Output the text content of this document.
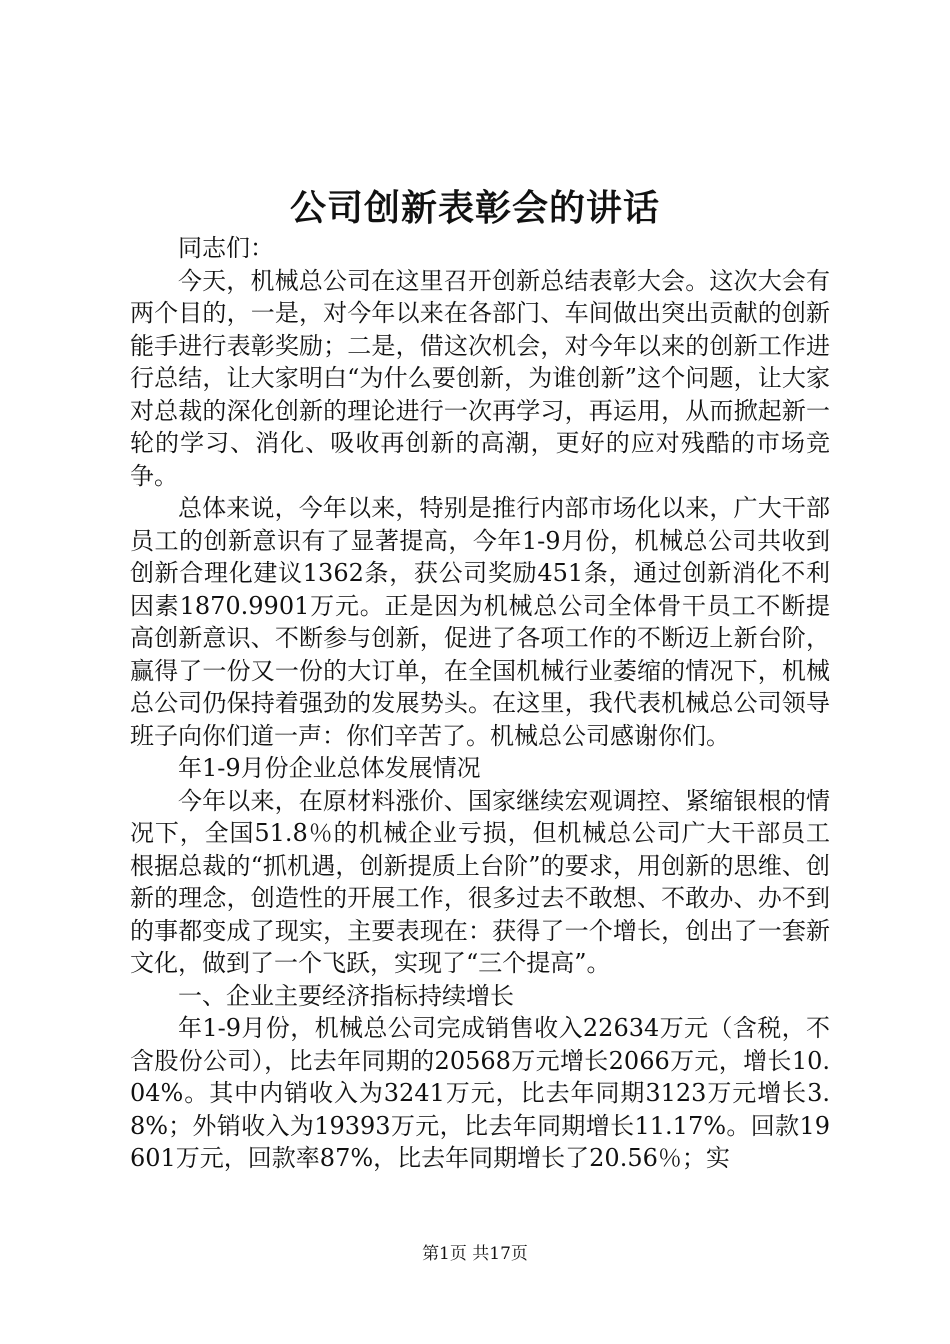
公司创新表彰会的讲话

同志们：

今天，机械总公司在这里召开创新总结表彰大会。这次大会有两个目的，一是，对今年以来在各部门、车间做出突出贡献的创新能手进行表彰奖励；二是，借这次机会，对今年以来的创新工作进行总结，让大家明白“为什么要创新，为谁创新”这个问题，让大家对总裁的深化创新的理论进行一次再学习，再运用，从而掀起新一轮的学习、消化、吸收再创新的高潮，更好的应对残酷的市场竞争。

总体来说，今年以来，特别是推行内部市场化以来，广大干部员工的创新意识有了显著提高，今年1-9月份，机械总公司共收到创新合理化建议1362条，获公司奖励451条，通过创新消化不利因素1870.9901万元。正是因为机械总公司全体骨干员工不断提高创新意识、不断参与创新，促进了各项工作的不断迈上新台阶，赢得了一份又一份的大订单，在全国机械行业萎缩的情况下，机械总公司仍保持着强劲的发展势头。在这里，我代表机械总公司领导班子向你们道一声：你们辛苦了。机械总公司感谢你们。

年1-9月份企业总体发展情况

今年以来，在原材料涨价、国家继续宏观调控、紧缩银根的情况下，全国51.8％的机械企业亏损，但机械总公司广大干部员工根据总裁的“抓机遇，创新提质上台阶”的要求，用创新的思维、创新的理念，创造性的开展工作，很多过去不敢想、不敢办、办不到的事都变成了现实，主要表现在：获得了一个增长，创出了一套新文化，做到了一个飞跃，实现了“三个提高”。

一、企业主要经济指标持续增长

年1-9月份，机械总公司完成销售收入22634万元（含税，不含股份公司），比去年同期的20568万元增长2066万元，增长10.04%。其中内销收入为3241万元，比去年同期3123万元增长3.8%；外销收入为19393万元，比去年同期增长11.17%。回款19601万元，回款率87%，比去年同期增长了20.56％；实

第1页 共17页
